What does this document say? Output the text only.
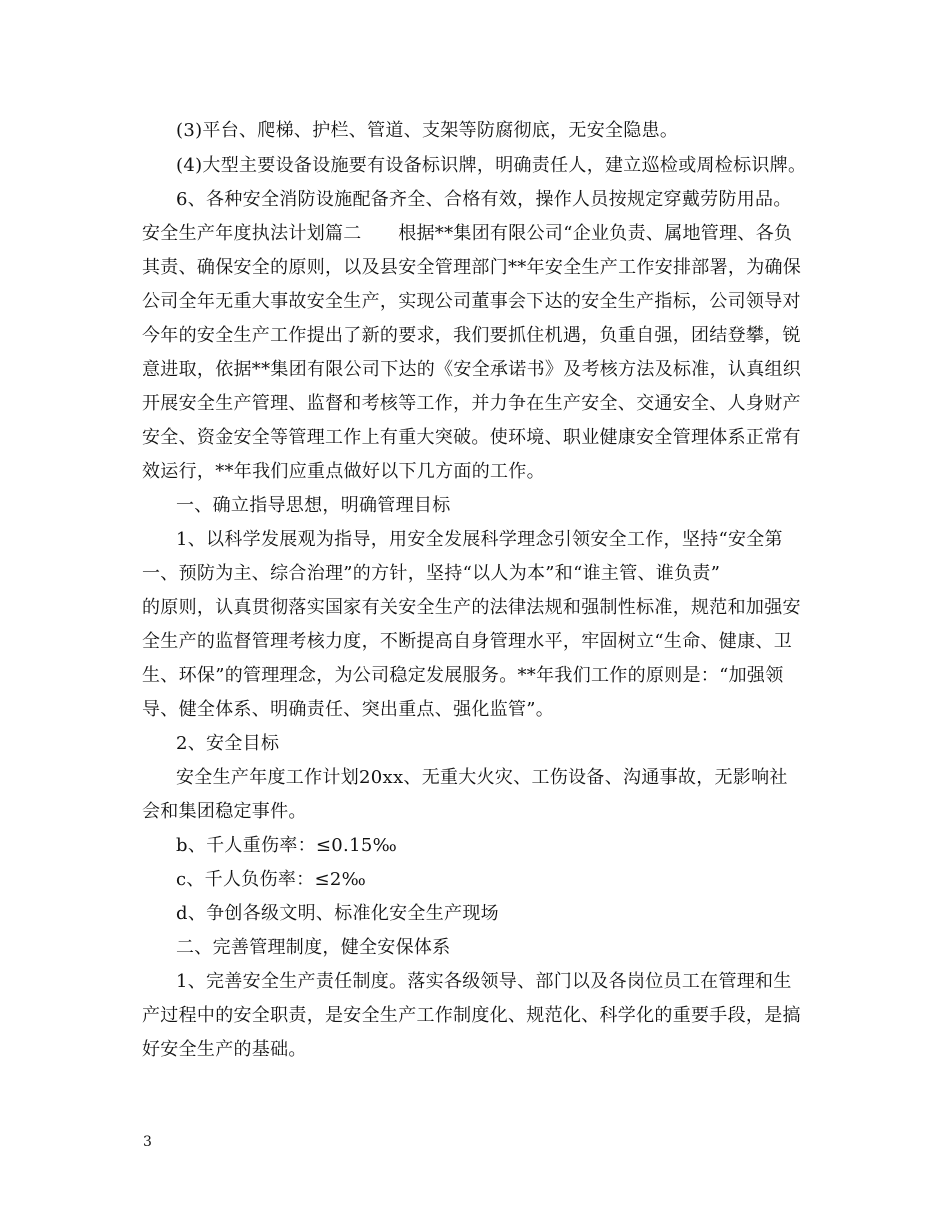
(3)平台、爬梯、护栏、管道、支架等防腐彻底，无安全隐患。
(4)大型主要设备设施要有设备标识牌，明确责任人，建立巡检或周检标识牌。
6、各种安全消防设施配备齐全、合格有效，操作人员按规定穿戴劳防用品。
安全生产年度执法计划篇二　　根据**集团有限公司“企业负责、属地管理、各负
其责、确保安全的原则，以及县安全管理部门**年安全生产工作安排部署，为确保
公司全年无重大事故安全生产，实现公司董事会下达的安全生产指标，公司领导对
今年的安全生产工作提出了新的要求，我们要抓住机遇，负重自强，团结登攀，锐
意进取，依据**集团有限公司下达的《安全承诺书》及考核方法及标准，认真组织
开展安全生产管理、监督和考核等工作，并力争在生产安全、交通安全、人身财产
安全、资金安全等管理工作上有重大突破。使环境、职业健康安全管理体系正常有
效运行，**年我们应重点做好以下几方面的工作。
一、确立指导思想，明确管理目标
1、以科学发展观为指导，用安全发展科学理念引领安全工作，坚持“安全第
一、预防为主、综合治理”的方针，坚持“以人为本”和“谁主管、谁负责”
的原则，认真贯彻落实国家有关安全生产的法律法规和强制性标准，规范和加强安
全生产的监督管理考核力度，不断提高自身管理水平，牢固树立“生命、健康、卫
生、环保”的管理理念，为公司稳定发展服务。**年我们工作的原则是：“加强领
导、健全体系、明确责任、突出重点、强化监管”。
2、安全目标
安全生产年度工作计划20xx、无重大火灾、工伤设备、沟通事故，无影响社
会和集团稳定事件。
b、千人重伤率：≤0.15‰
c、千人负伤率：≤2‰
d、争创各级文明、标准化安全生产现场
二、完善管理制度，健全安保体系
1、完善安全生产责任制度。落实各级领导、部门以及各岗位员工在管理和生
产过程中的安全职责，是安全生产工作制度化、规范化、科学化的重要手段，是搞
好安全生产的基础。
3
